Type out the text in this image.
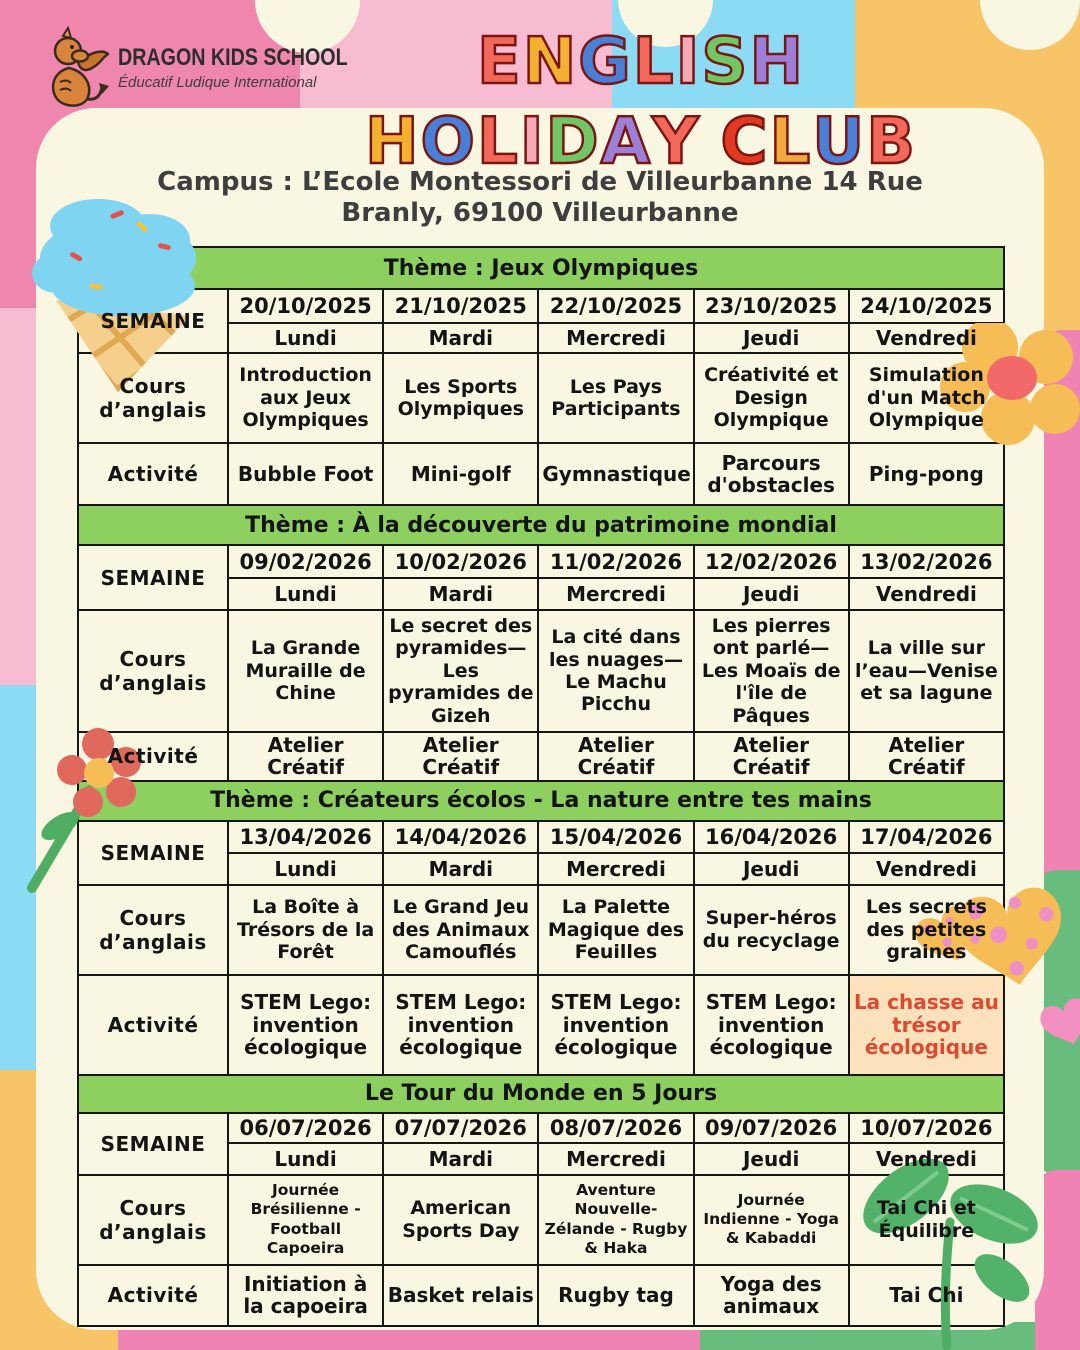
Thème : Jeux Olympiques					
SEMAINE	20/10/2025	21/10/2025	22/10/2025	23/10/2025	24/10/2025
	Lundi	Mardi	Mercredi	Jeudi	Vendredi
Cours d’anglais	Introduction aux Jeux Olympiques	Les Sports Olympiques	Les Pays Participants	Créativité et Design Olympique	Simulation d'un Match Olympique
Activité	Bubble Foot	Mini-golf	Gymnastique	Parcours d'obstacles	Ping-pong
Thème : À la découverte du patrimoine mondial					
SEMAINE	09/02/2026	10/02/2026	11/02/2026	12/02/2026	13/02/2026
	Lundi	Mardi	Mercredi	Jeudi	Vendredi
Cours d’anglais	La Grande Muraille de Chine	Le secret des pyramides—Les pyramides de Gizeh	La cité dans les nuages—Le Machu Picchu	Les pierres ont parlé—Les Moaïs de l'île de Pâques	La ville sur l’eau—Venise et sa lagune
Activité	Atelier Créatif	Atelier Créatif	Atelier Créatif	Atelier Créatif	Atelier Créatif
Thème : Créateurs écolos - La nature entre tes mains					
SEMAINE	13/04/2026	14/04/2026	15/04/2026	16/04/2026	17/04/2026
	Lundi	Mardi	Mercredi	Jeudi	Vendredi
Cours d’anglais	La Boîte à Trésors de la Forêt	Le Grand Jeu des Animaux Camouflés	La Palette Magique des Feuilles	Super-héros du recyclage	Les secrets des petites graines
Activité	STEM Lego: invention écologique	STEM Lego: invention écologique	STEM Lego: invention écologique	STEM Lego: invention écologique	La chasse au trésor écologique
Le Tour du Monde en 5 Jours					
SEMAINE	06/07/2026	07/07/2026	08/07/2026	09/07/2026	10/07/2026
	Lundi	Mardi	Mercredi	Jeudi	Vendredi
Cours d’anglais	Journée Brésilienne - Football Capoeira	American Sports Day	Aventure Nouvelle-Zélande - Rugby & Haka	Journée Indienne - Yoga & Kabaddi	Tai Chi et Équilibre
Activité	Initiation à la capoeira	Basket relais	Rugby tag	Yoga des animaux	Tai Chi
DRAGON KIDS SCHOOL
Éducatif Ludique International	ENGLISH
HOLIDAY CLUB
Campus : L’Ecole Montessori de Villeurbanne 14 Rue
Branly, 69100 Villeurbanne
